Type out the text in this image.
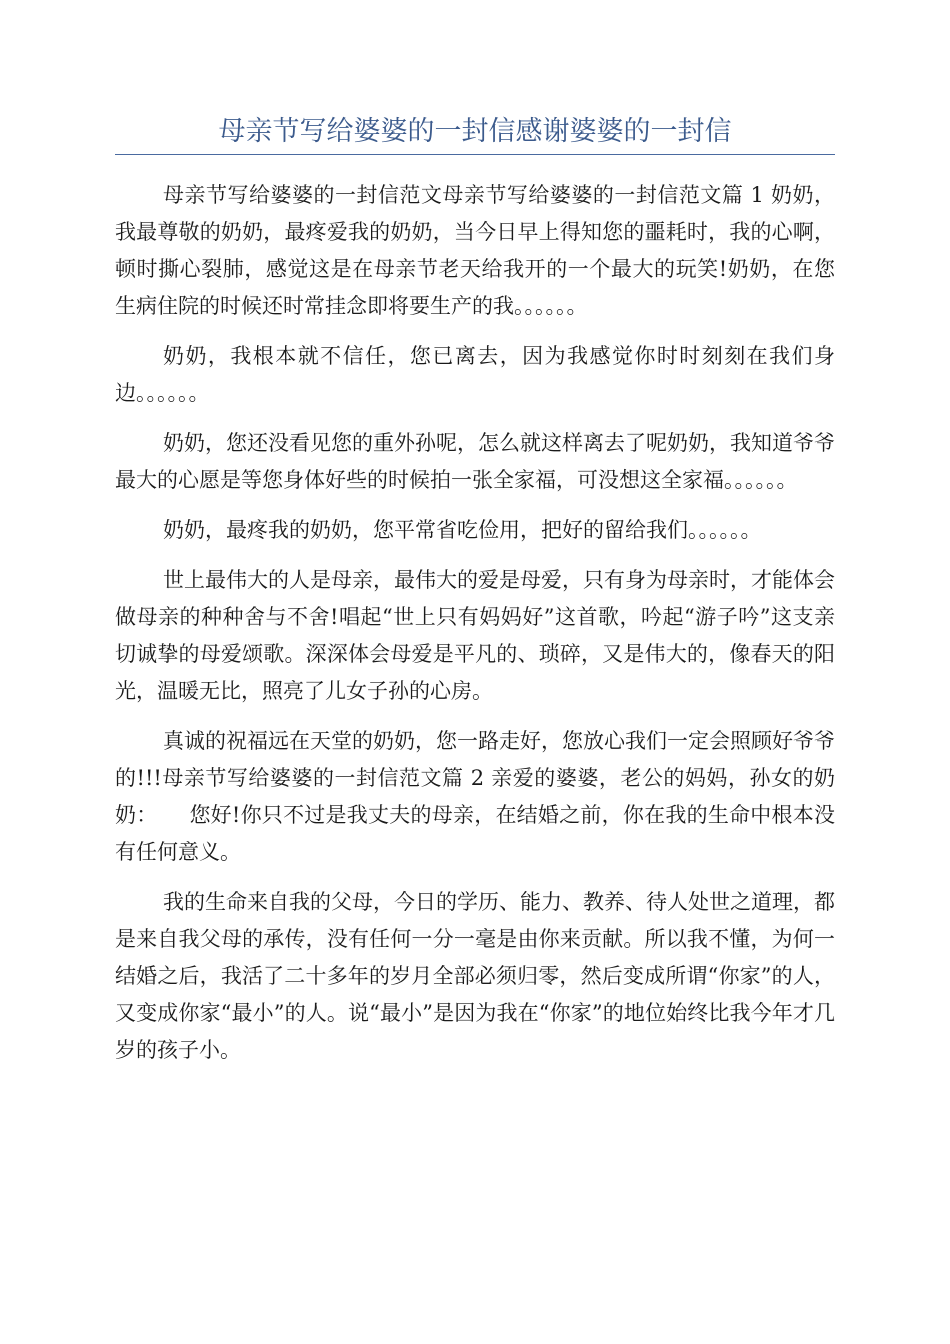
母亲节写给婆婆的一封信感谢婆婆的一封信

母亲节写给婆婆的一封信范文母亲节写给婆婆的一封信范文篇 1 奶奶，我最尊敬的奶奶，最疼爱我的奶奶，当今日早上得知您的噩耗时，我的心啊，顿时撕心裂肺，感觉这是在母亲节老天给我开的一个最大的玩笑!奶奶，在您生病住院的时候还时常挂念即将要生产的我。。。。。。

奶奶，我根本就不信任，您已离去，因为我感觉你时时刻刻在我们身边。。。。。。

奶奶，您还没看见您的重外孙呢，怎么就这样离去了呢奶奶，我知道爷爷最大的心愿是等您身体好些的时候拍一张全家福，可没想这全家福。。。。。。

奶奶，最疼我的奶奶，您平常省吃俭用，把好的留给我们。。。。。。

世上最伟大的人是母亲，最伟大的爱是母爱，只有身为母亲时，才能体会做母亲的种种舍与不舍!唱起“世上只有妈妈好”这首歌，吟起“游子吟”这支亲切诚挚的母爱颂歌。深深体会母爱是平凡的、琐碎，又是伟大的，像春天的阳光，温暖无比，照亮了儿女子孙的心房。

真诚的祝福远在天堂的奶奶，您一路走好，您放心我们一定会照顾好爷爷的!!!母亲节写给婆婆的一封信范文篇 2 亲爱的婆婆，老公的妈妈，孙女的奶奶：　　您好!你只不过是我丈夫的母亲，在结婚之前，你在我的生命中根本没有任何意义。

我的生命来自我的父母，今日的学历、能力、教养、待人处世之道理，都是来自我父母的承传，没有任何一分一毫是由你来贡献。所以我不懂，为何一结婚之后，我活了二十多年的岁月全部必须归零，然后变成所谓“你家”的人，又变成你家“最小”的人。说“最小”是因为我在“你家”的地位始终比我今年才几岁的孩子小。
